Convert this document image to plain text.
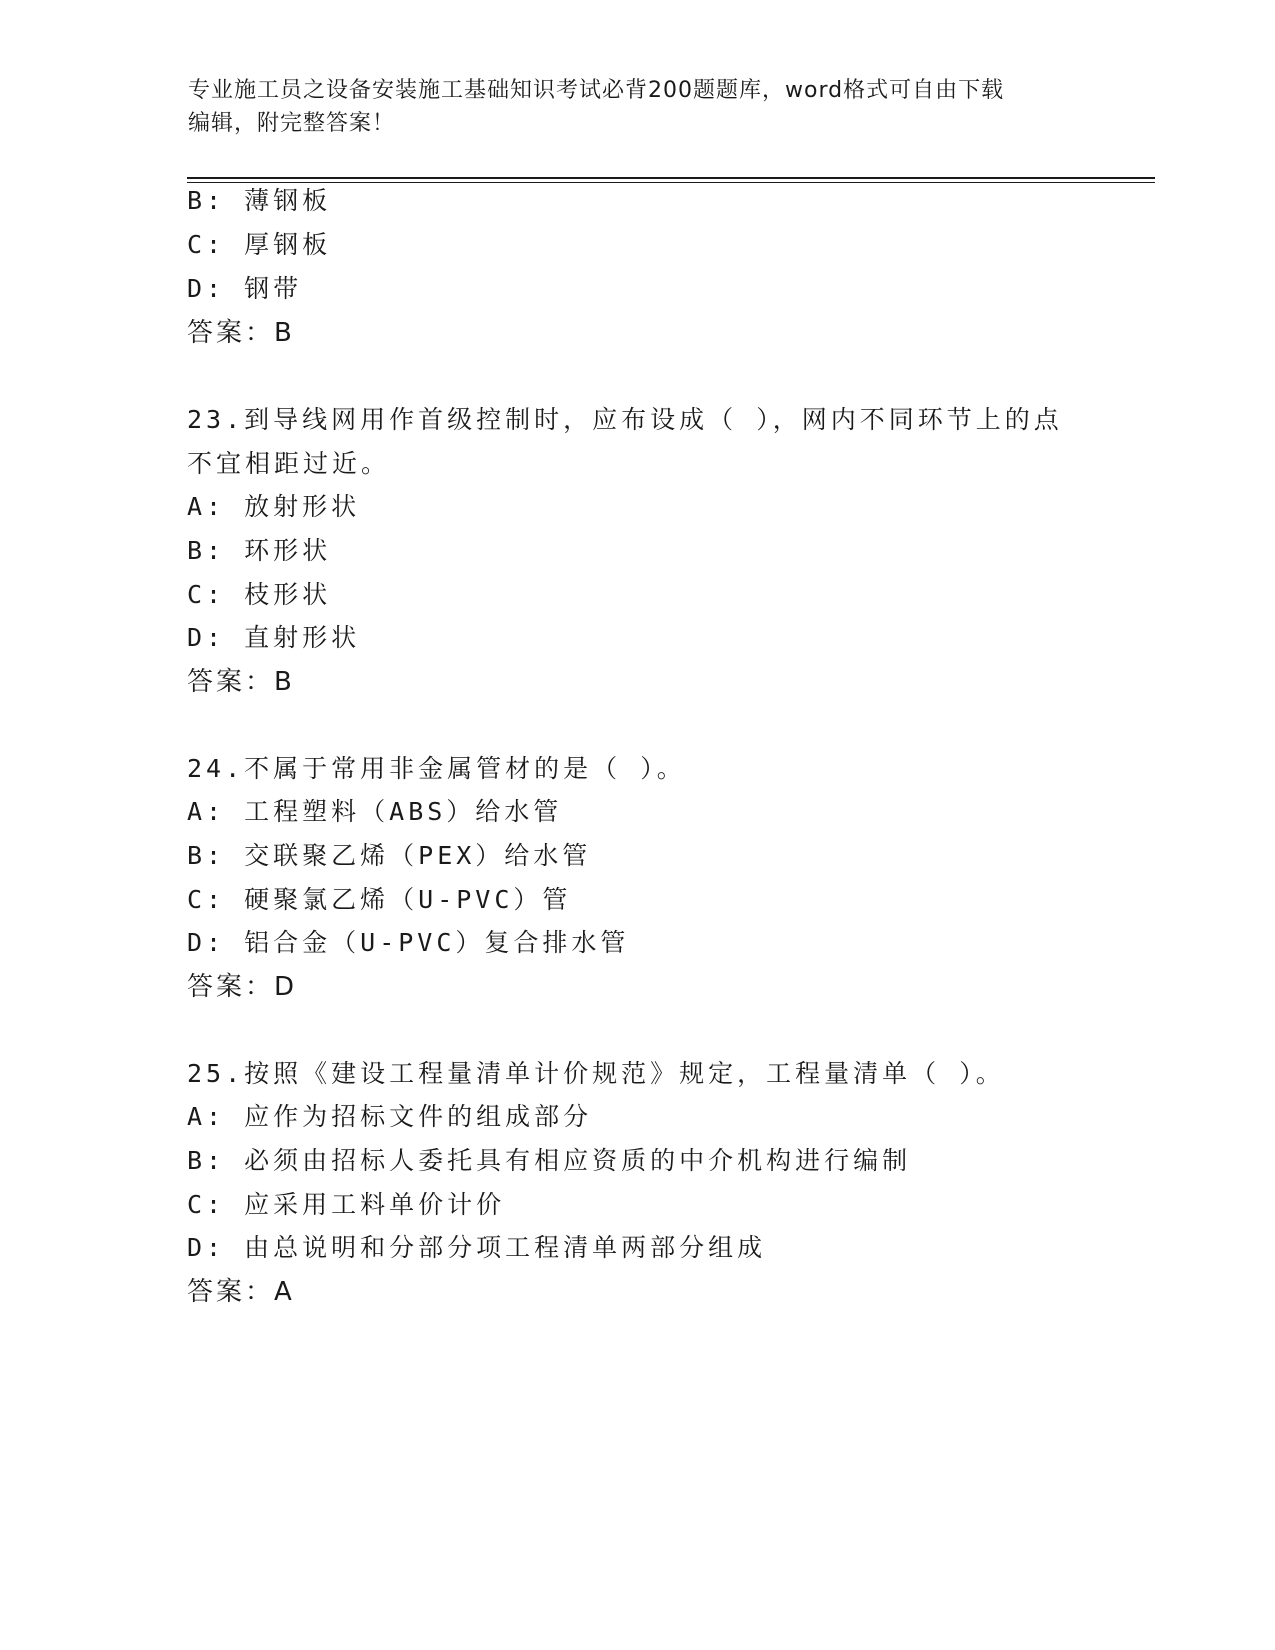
专业施工员之设备安装施工基础知识考试必背200题题库，word格式可自由下载
编辑，附完整答案！
B: 薄钢板
C: 厚钢板
D: 钢带
答案：B
23.到导线网用作首级控制时，应布设成（ ），网内不同环节上的点
不宜相距过近。
A: 放射形状
B: 环形状
C: 枝形状
D: 直射形状
答案：B
24.不属于常用非金属管材的是（ ）。
A: 工程塑料（ABS）给水管
B: 交联聚乙烯（PEX）给水管
C: 硬聚氯乙烯（U-PVC）管
D: 铝合金（U-PVC）复合排水管
答案：D
25.按照《建设工程量清单计价规范》规定，工程量清单（ ）。
A: 应作为招标文件的组成部分
B: 必须由招标人委托具有相应资质的中介机构进行编制
C: 应采用工料单价计价
D: 由总说明和分部分项工程清单两部分组成
答案：A
